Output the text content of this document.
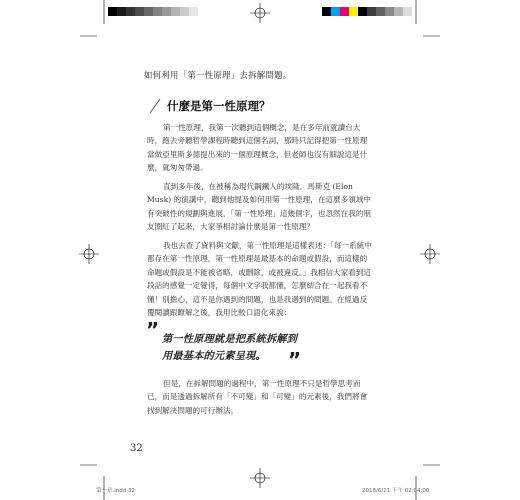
如何利用「第一性原理」去拆解問題。
什麼是第一性原理？

第一性原理，我第一次聽到這個概念，是在多年前就讀台大時，跑去旁聽哲學課程時聽到這個名詞，那時只記得把第一性原理當做亞里斯多德提出來的一個原理概念，但老師也沒有細說這是什麼，就匆匆帶過。

直到多年後，在被稱為現代鋼鐵人的埃隆．馬斯克 (Elon Musk) 的演講中，聽到他提及如何用第一性原理，在這麼多領域中有突破性的規劃與進展，「第一性原理」這幾個字，也忽然在我的朋友圈紅了起來，大家爭相討論什麼是第一性原理？

我也去查了資料與文獻，第一性原理是這樣表述：「每一系統中都存在第一性原理，第一性原理是最基本的命題或假設，而這樣的命題或假設是不能被省略，或刪除，或被違反。」我相信大家看到這段話的感覺一定覺得，每個中文字我都懂，怎麼結合在一起我看不懂！別擔心，這不是你遇到的問題，也是我遇到的問題。在經過反覆閱讀跟瞭解之後，我用比較口語化來說：

” 第一性原理就是把系統拆解到
用最基本的元素呈現。 ”

但是，在拆解問題的過程中，第一性原理不只是哲學思考而已，而是透過拆解所有「不可變」和「可變」的元素後，我們將會找到解決問題的可行辦法。

32
第一章.indd 32	2018/6/21 下午 02:04:00
